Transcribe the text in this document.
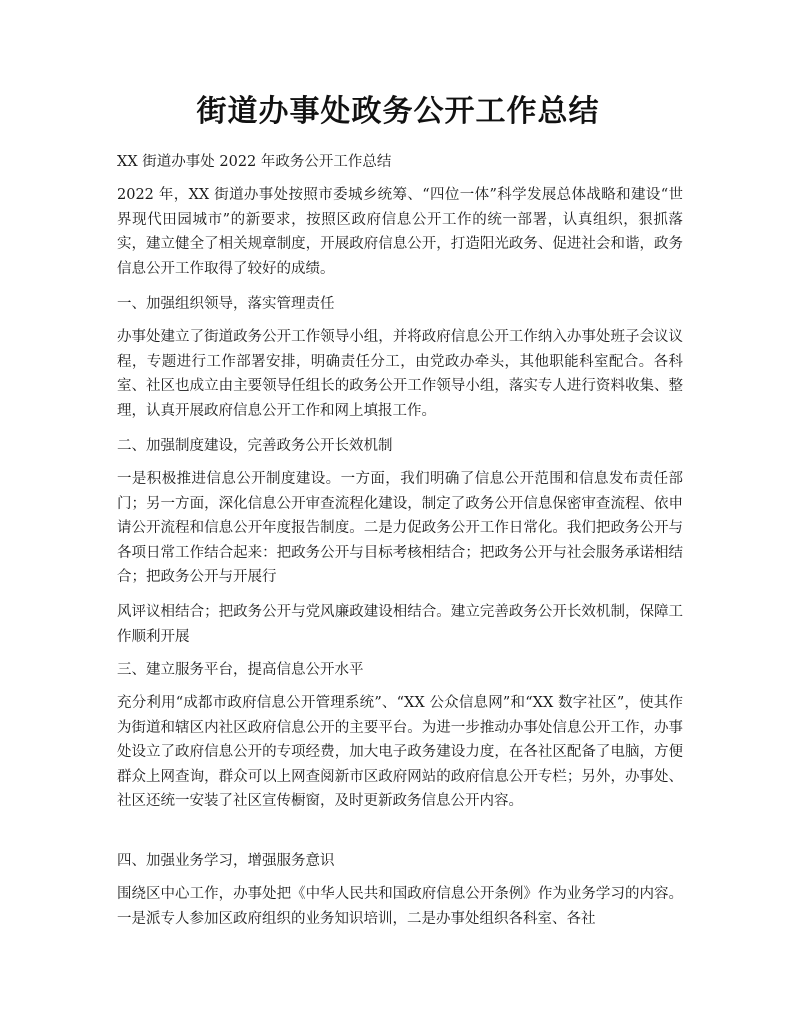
街道办事处政务公开工作总结

XX 街道办事处 2022 年政务公开工作总结

2022 年，XX 街道办事处按照市委城乡统筹、“四位一体”科学发展总体战略和建设“世界现代田园城市”的新要求，按照区政府信息公开工作的统一部署，认真组织，狠抓落实，建立健全了相关规章制度，开展政府信息公开，打造阳光政务、促进社会和谐，政务信息公开工作取得了较好的成绩。

一、加强组织领导，落实管理责任

办事处建立了街道政务公开工作领导小组，并将政府信息公开工作纳入办事处班子会议议程，专题进行工作部署安排，明确责任分工，由党政办牵头，其他职能科室配合。各科室、社区也成立由主要领导任组长的政务公开工作领导小组，落实专人进行资料收集、整理，认真开展政府信息公开工作和网上填报工作。

二、加强制度建设，完善政务公开长效机制

一是积极推进信息公开制度建设。一方面，我们明确了信息公开范围和信息发布责任部门；另一方面，深化信息公开审查流程化建设，制定了政务公开信息保密审查流程、依申请公开流程和信息公开年度报告制度。二是力促政务公开工作日常化。我们把政务公开与各项日常工作结合起来：把政务公开与目标考核相结合；把政务公开与社会服务承诺相结合；把政务公开与开展行

风评议相结合；把政务公开与党风廉政建设相结合。建立完善政务公开长效机制，保障工作顺利开展

三、建立服务平台，提高信息公开水平

充分利用“成都市政府信息公开管理系统”、“XX 公众信息网”和“XX 数字社区”，使其作为街道和辖区内社区政府信息公开的主要平台。为进一步推动办事处信息公开工作，办事处设立了政府信息公开的专项经费，加大电子政务建设力度，在各社区配备了电脑，方便群众上网查询，群众可以上网查阅新市区政府网站的政府信息公开专栏；另外，办事处、社区还统一安装了社区宣传橱窗，及时更新政务信息公开内容。

四、加强业务学习，增强服务意识

围绕区中心工作，办事处把《中华人民共和国政府信息公开条例》作为业务学习的内容。一是派专人参加区政府组织的业务知识培训，二是办事处组织各科室、各社
